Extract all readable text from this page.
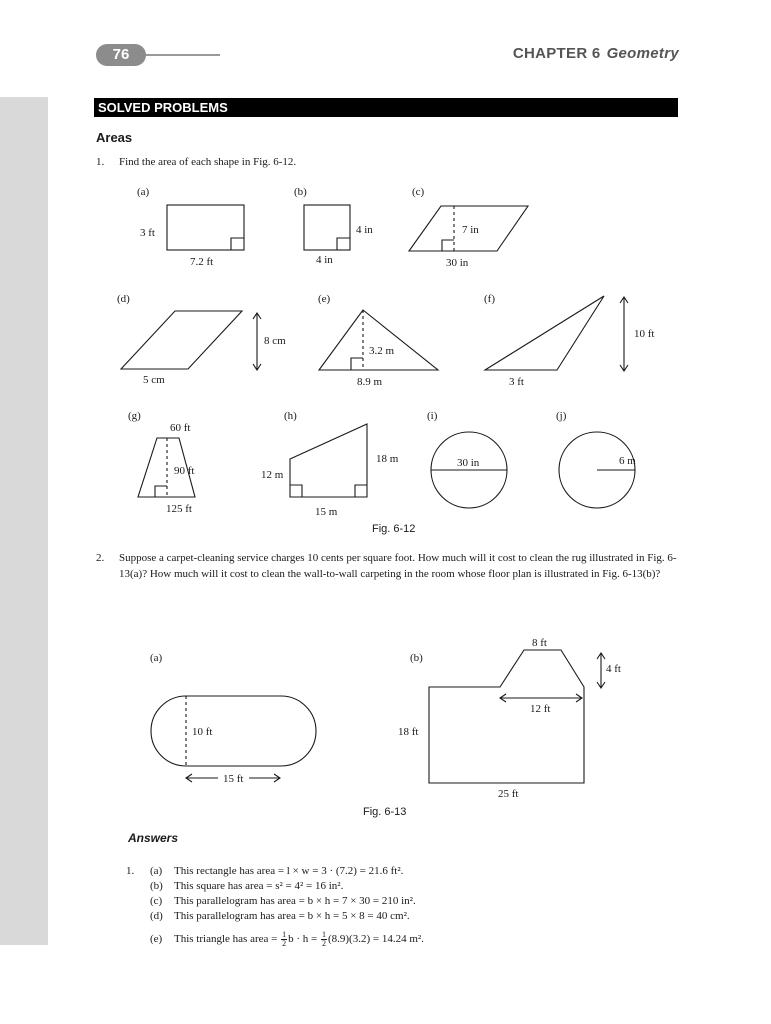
76	CHAPTER 6 Geometry
SOLVED PROBLEMS
Areas
1. Find the area of each shape in Fig. 6-12.
(a)
3 ft
7.2 ft
(b)
4 in
4 in
(c)
7 in
30 in
(d)
8 cm
5 cm
(e)
3.2 m
8.9 m
(f)
10 ft
3 ft
(g)
60 ft
90 ft
125 ft
(h)
18 m
12 m
15 m
(i)
30 in
(j)
6 m
Fig. 6-12
2. Suppose a carpet-cleaning service charges 10 cents per square foot. How much will it cost to clean the rug illustrated in Fig. 6-13(a)? How much will it cost to clean the wall-to-wall carpeting in the room whose floor plan is illustrated in Fig. 6-13(b)?
(a)
10 ft
15 ft
(b)
8 ft
4 ft
12 ft
18 ft
25 ft
Fig. 6-13
Answers
1. (a) This rectangle has area = l × w = 3 · (7.2) = 21.6 ft².
(b) This square has area = s² = 4² = 16 in².
(c) This parallelogram has area = b × h = 7 × 30 = 210 in².
(d) This parallelogram has area = b × h = 5 × 8 = 40 cm².
(e) This triangle has area = $\frac{1}{2}$ $b \cdot h = \frac{1}{2} (8.9)(3.2) = 14.24$ m².
